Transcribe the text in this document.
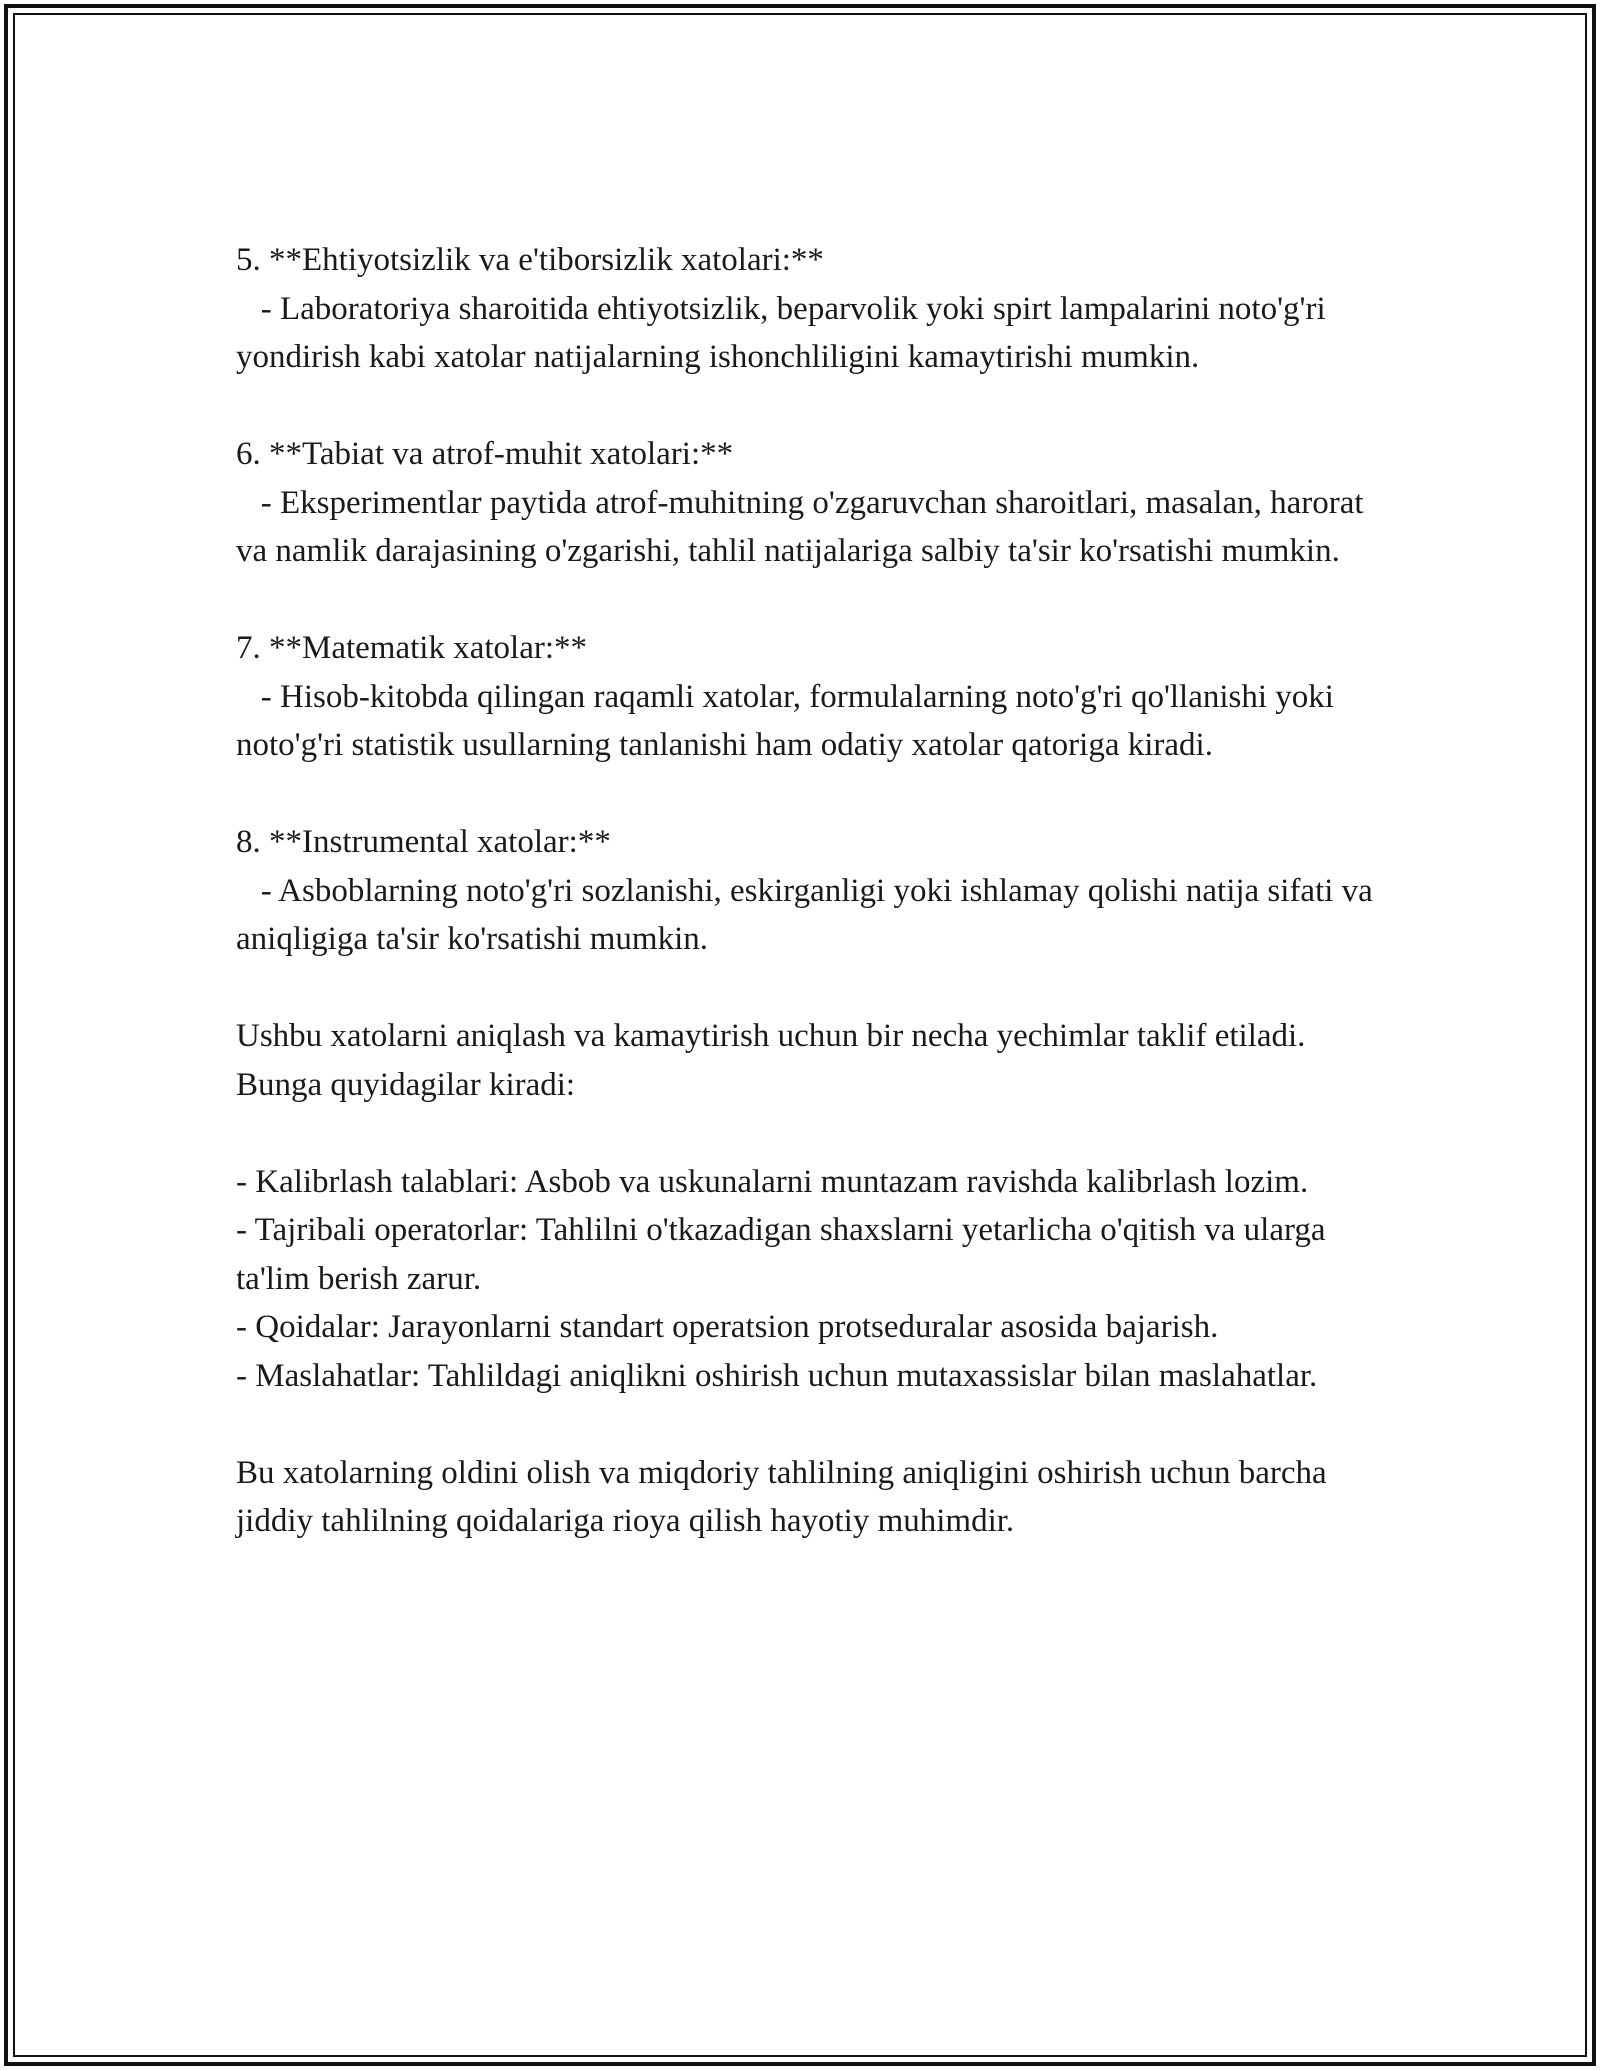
5. **Ehtiyotsizlik va e'tiborsizlik xatolari:**

- Laboratoriya sharoitida ehtiyotsizlik, beparvolik yoki spirt lampalarini noto'g'ri yondirish kabi xatolar natijalarning ishonchliligini kamaytirishi mumkin.

6. **Tabiat va atrof-muhit xatolari:**

- Eksperimentlar paytida atrof-muhitning o'zgaruvchan sharoitlari, masalan, harorat va namlik darajasining o'zgarishi, tahlil natijalariga salbiy ta'sir ko'rsatishi mumkin.

7. **Matematik xatolar:**

- Hisob-kitobda qilingan raqamli xatolar, formulalarning noto'g'ri qo'llanishi yoki noto'g'ri statistik usullarning tanlanishi ham odatiy xatolar qatoriga kiradi.

8. **Instrumental xatolar:**

- Asboblarning noto'g'ri sozlanishi, eskirganligi yoki ishlamay qolishi natija sifati va aniqligiga ta'sir ko'rsatishi mumkin.

Ushbu xatolarni aniqlash va kamaytirish uchun bir necha yechimlar taklif etiladi. Bunga quyidagilar kiradi:

- Kalibrlash talablari: Asbob va uskunalarni muntazam ravishda kalibrlash lozim.

- Tajribali operatorlar: Tahlilni o'tkazadigan shaxslarni yetarlicha o'qitish va ularga ta'lim berish zarur.

- Qoidalar: Jarayonlarni standart operatsion protseduralar asosida bajarish.

- Maslahatlar: Tahlildagi aniqlikni oshirish uchun mutaxassislar bilan maslahatlar.

Bu xatolarning oldini olish va miqdoriy tahlilning aniqligini oshirish uchun barcha jiddiy tahlilning qoidalariga rioya qilish hayotiy muhimdir.
